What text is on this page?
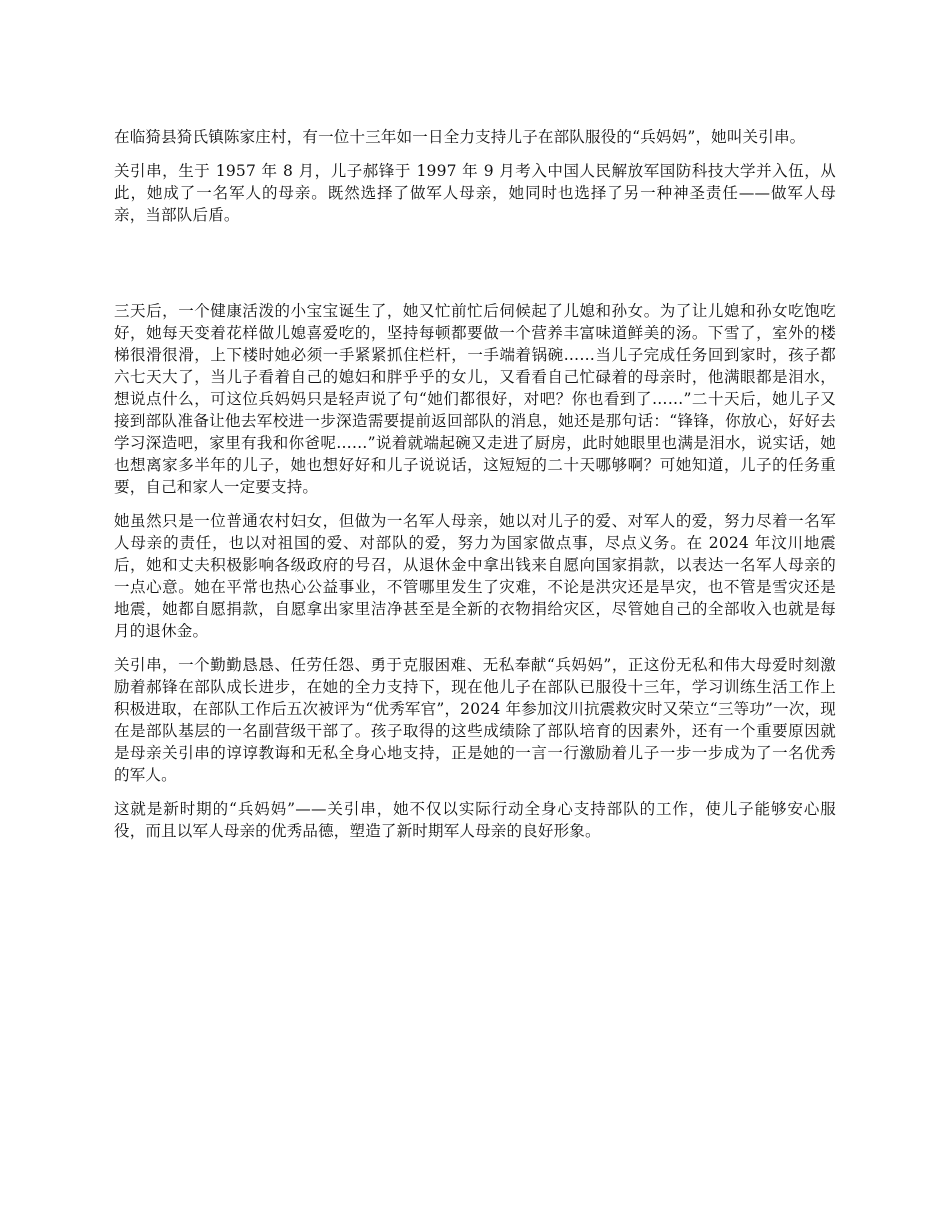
在临猗县猗氏镇陈家庄村，有一位十三年如一日全力支持儿子在部队服役的“兵妈妈”，她叫关引串。

关引串，生于 1957 年 8 月，儿子郝锋于 1997 年 9 月考入中国人民解放军国防科技大学并入伍，从此，她成了一名军人的母亲。既然选择了做军人母亲，她同时也选择了另一种神圣责任——做军人母亲，当部队后盾。

三天后，一个健康活泼的小宝宝诞生了，她又忙前忙后伺候起了儿媳和孙女。为了让儿媳和孙女吃饱吃好，她每天变着花样做儿媳喜爱吃的，坚持每顿都要做一个营养丰富味道鲜美的汤。下雪了，室外的楼梯很滑很滑，上下楼时她必须一手紧紧抓住栏杆，一手端着锅碗……当儿子完成任务回到家时，孩子都六七天大了，当儿子看着自己的媳妇和胖乎乎的女儿，又看看自己忙碌着的母亲时，他满眼都是泪水，想说点什么，可这位兵妈妈只是轻声说了句“她们都很好，对吧？你也看到了……”二十天后，她儿子又接到部队准备让他去军校进一步深造需要提前返回部队的消息，她还是那句话：“锋锋，你放心，好好去学习深造吧，家里有我和你爸呢……”说着就端起碗又走进了厨房，此时她眼里也满是泪水，说实话，她也想离家多半年的儿子，她也想好好和儿子说说话，这短短的二十天哪够啊？可她知道，儿子的任务重要，自己和家人一定要支持。

她虽然只是一位普通农村妇女，但做为一名军人母亲，她以对儿子的爱、对军人的爱，努力尽着一名军人母亲的责任，也以对祖国的爱、对部队的爱，努力为国家做点事，尽点义务。在 2024 年汶川地震后，她和丈夫积极影响各级政府的号召，从退休金中拿出钱来自愿向国家捐款，以表达一名军人母亲的一点心意。她在平常也热心公益事业，不管哪里发生了灾难，不论是洪灾还是旱灾，也不管是雪灾还是地震，她都自愿捐款，自愿拿出家里洁净甚至是全新的衣物捐给灾区，尽管她自己的全部收入也就是每月的退休金。

关引串，一个勤勤恳恳、任劳任怨、勇于克服困难、无私奉献“兵妈妈”，正这份无私和伟大母爱时刻激励着郝锋在部队成长进步，在她的全力支持下，现在他儿子在部队已服役十三年，学习训练生活工作上积极进取，在部队工作后五次被评为“优秀军官”，2024 年参加汶川抗震救灾时又荣立“三等功”一次，现在是部队基层的一名副营级干部了。孩子取得的这些成绩除了部队培育的因素外，还有一个重要原因就是母亲关引串的谆谆教诲和无私全身心地支持，正是她的一言一行激励着儿子一步一步成为了一名优秀的军人。

这就是新时期的“兵妈妈”——关引串，她不仅以实际行动全身心支持部队的工作，使儿子能够安心服役，而且以军人母亲的优秀品德，塑造了新时期军人母亲的良好形象。
